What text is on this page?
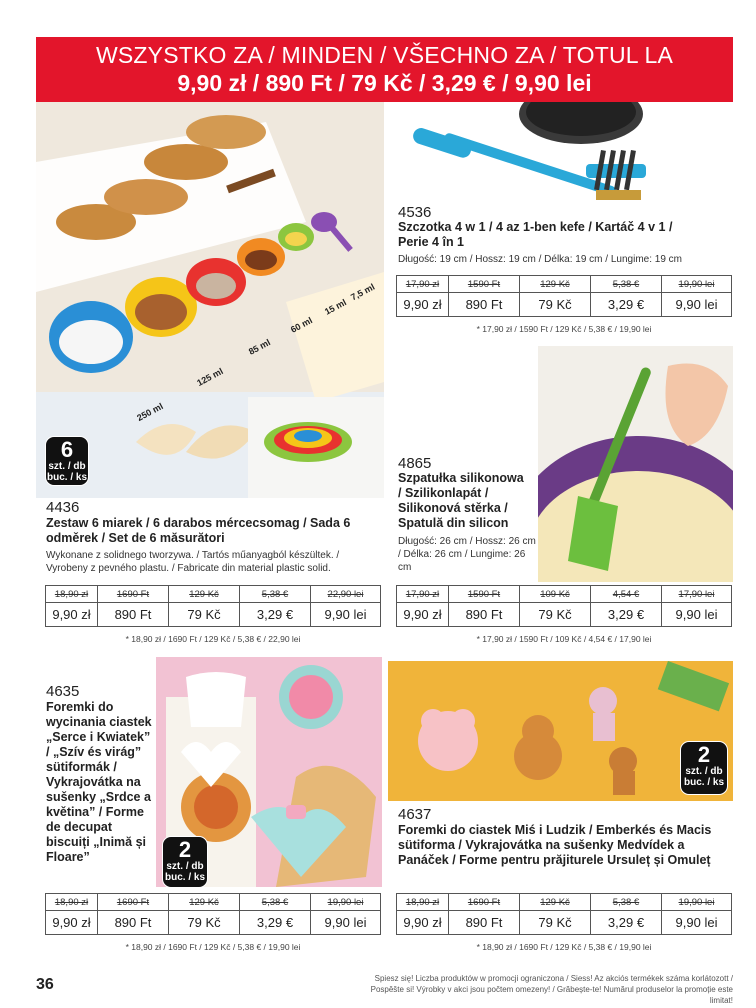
WSZYSTKO ZA / MINDEN / VŠECHNO ZA / TOTUL LA
9,90 zł / 890 Ft / 79 Kč / 3,29 € / 9,90 lei
250 ml
125 ml
85 ml
60 ml
15 ml
7,5 ml
6
szt. / db
buc. / ks
4536
Szczotka 4 w 1 / 4 az 1-ben kefe / Kartáč 4 v 1 / Perie 4 în 1
Długość: 19 cm / Hossz: 19 cm / Délka: 19 cm / Lungime: 19 cm
17,90 zł	1590 Ft	129 Kč	5,38 €	19,90 lei
9,90 zł	890 Ft	79 Kč	3,29 €	9,90 lei
* 17,90 zł / 1590 Ft / 129 Kč / 5,38 € / 19,90 lei
4865
Szpatułka silikonowa / Szilikonlapát / Silikonová stěrka / Spatulă din silicon
Długość: 26 cm / Hossz: 26 cm / Délka: 26 cm / Lungime: 26 cm
17,90 zł	1590 Ft	109 Kč	4,54 €	17,90 lei
9,90 zł	890 Ft	79 Kč	3,29 €	9,90 lei
* 17,90 zł / 1590 Ft / 109 Kč / 4,54 € / 17,90 lei
4436
Zestaw 6 miarek / 6 darabos mércecsomag / Sada 6 odměrek / Set de 6 măsurători
Wykonane z solidnego tworzywa. / Tartós műanyagból készültek. / Vyrobeny z pevného plastu. / Fabricate din material plastic solid.
18,90 zł	1690 Ft	129 Kč	5,38 €	22,90 lei
9,90 zł	890 Ft	79 Kč	3,29 €	9,90 lei
* 18,90 zł / 1690 Ft / 129 Kč / 5,38 € / 22,90 lei
2
szt. / db
buc. / ks
4635
Foremki do wycinania ciastek „Serce i Kwiatek” / „Szív és virág” sütiformák / Vykrajovátka na sušenky „Srdce a květina” / Forme de decupat biscuiți „Inimă și Floare”
18,90 zł	1690 Ft	129 Kč	5,38 €	19,90 lei
9,90 zł	890 Ft	79 Kč	3,29 €	9,90 lei
* 18,90 zł / 1690 Ft / 129 Kč / 5,38 € / 19,90 lei
2
szt. / db
buc. / ks
4637
Foremki do ciastek Miś i Ludzik / Emberkés és Macis sütiforma / Vykrajovátka na sušenky Medvídek a Panáček / Forme pentru prăjiturele Ursuleț și Omuleț
18,90 zł	1690 Ft	129 Kč	5,38 €	19,90 lei
9,90 zł	890 Ft	79 Kč	3,29 €	9,90 lei
* 18,90 zł / 1690 Ft / 129 Kč / 5,38 € / 19,90 lei
36	Spiesz się! Liczba produktów w promocji ograniczona / Siess! Az akciós termékek száma korlátozott / Pospěšte si! Výrobky v akci jsou počtem omezeny! / Grăbește-te! Numărul produselor la promoție este limitat!
